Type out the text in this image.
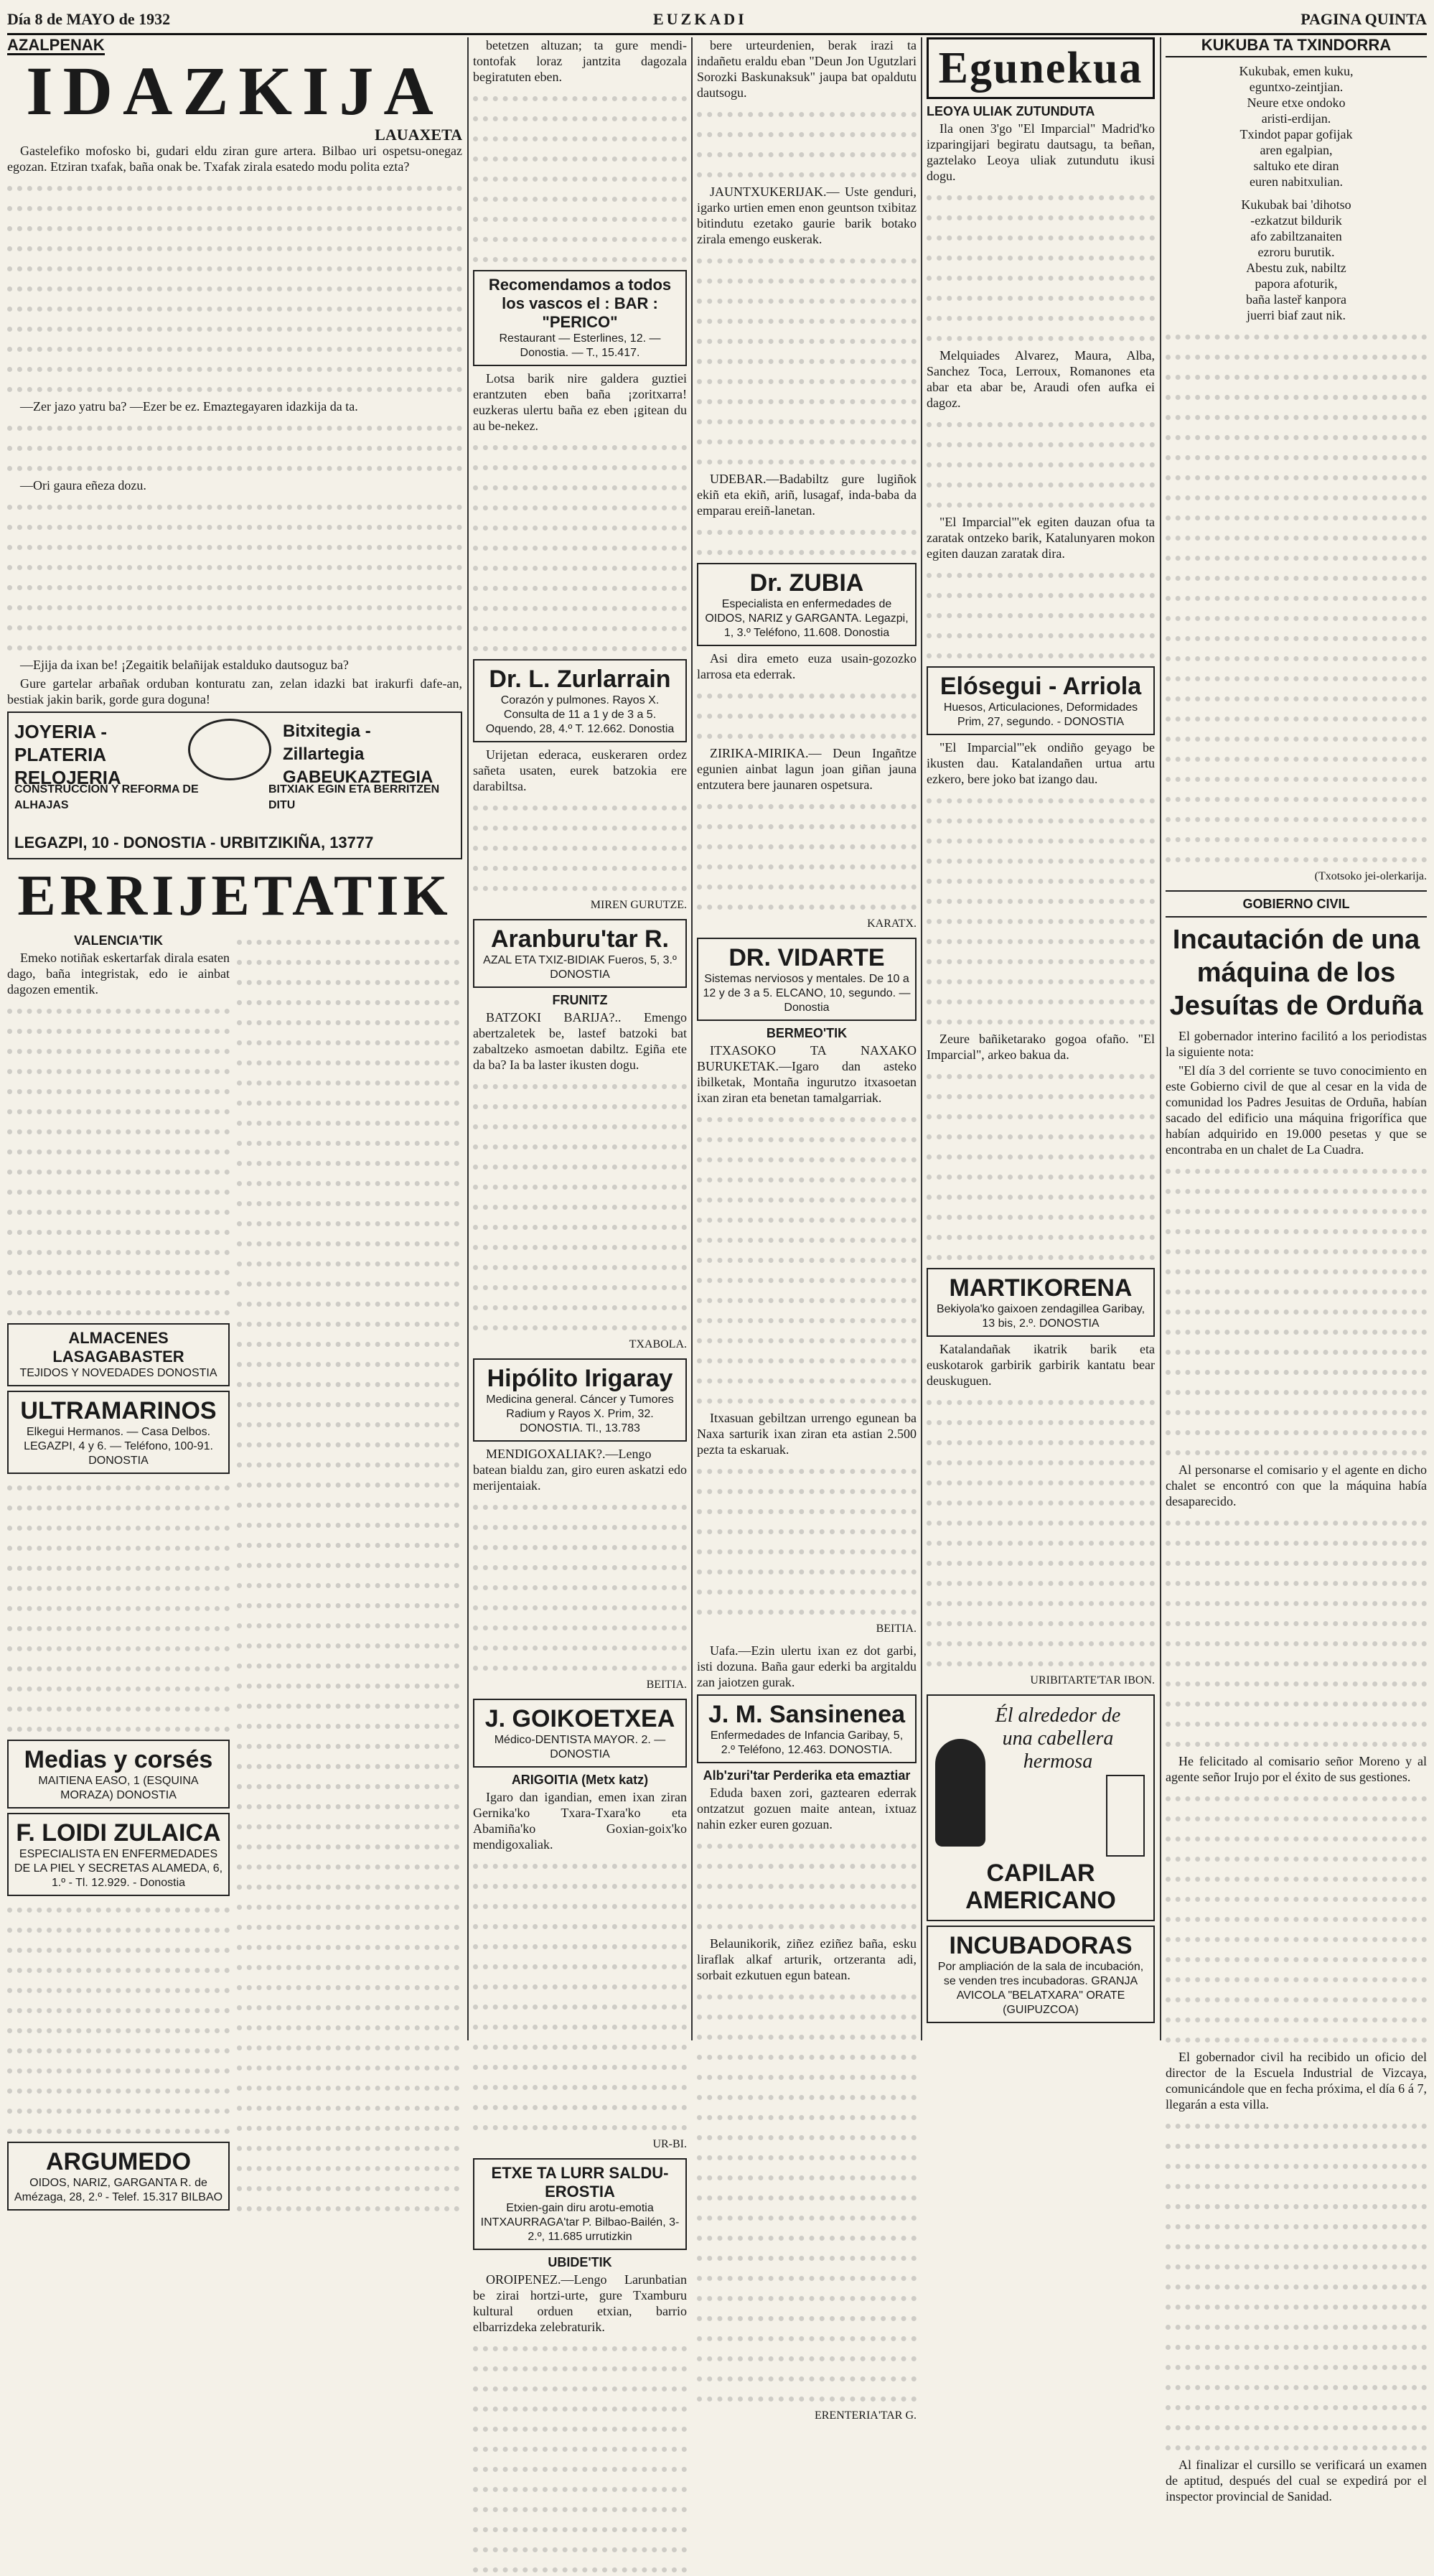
Día 8 de MAYO de 1932	EUZKADI	PAGINA QUINTA
AZALPENAK
IDAZKIJA
LAUAXETA

Gastelefiko mofosko bi, gudari eldu ziran gure artera. Bilbao uri ospetsu-onegaz egozan. Etziran txafak, baña onak be. Txafak zirala esatedo modu polita ezta?

—Zer jazo yatru ba? —Ezer be ez. Emaztegayaren idazkija da ta.

—Ori gaura eñeza dozu.

—Ejija da ixan be! ¡Zegaitik belañijak estalduko dautsoguz ba?

Gure gartelar arbañak orduban konturatu zan, zelan idazki bat irakurfi dafe-an, bestiak jakin barik, gorde gura doguna!

JOYERIA - PLATERIA RELOJERIA
Bitxitegia - Zillartegia GABEUKAZTEGIA
CONSTRUCCION Y REFORMA DE ALHAJAS
BITXIAK EGIN ETA BERRITZEN DITU
LEGAZPI, 10 - DONOSTIA - URBITZIKIÑA, 13777
ERRIJETATIK
VALENCIA'TIK

Emeko notiñak eskertarfak dirala esaten dago, baña integristak, edo ie ainbat dagozen ementik.

ALMACENES LASAGABASTER
TEJIDOS Y NOVEDADES DONOSTIA
ULTRAMARINOS
Elkegui Hermanos. — Casa Delbos. LEGAZPI, 4 y 6. — Teléfono, 100-91. DONOSTIA
Medias y corsés
MAITIENA EASO, 1 (ESQUINA MORAZA) DONOSTIA
F. LOIDI ZULAICA
ESPECIALISTA EN ENFERMEDADES DE LA PIEL Y SECRETAS ALAMEDA, 6, 1.º - Tl. 12.929. - Donostia
ARGUMEDO
OIDOS, NARIZ, GARGANTA R. de Amézaga, 28, 2.º - Telef. 15.317 BILBAO

betetzen altuzan; ta gure mendi-tontofak loraz jantzita dagozala begiratuten eben.

Recomendamos a todos los vascos el : BAR : "PERICO"
Restaurant — Esterlines, 12. — Donostia. — T., 15.417.

Lotsa barik nire galdera guztiei erantzuten eben baña ¡zoritxarra! euzkeras ulertu baña ez eben ¡gitean du au be-nekez.

Dr. L. Zurlarrain
Corazón y pulmones. Rayos X. Consulta de 11 a 1 y de 3 a 5. Oquendo, 28, 4.º T. 12.662. Donostia

Urijetan ederaca, euskeraren ordez sañeta usaten, eurek batzokia ere darabiltsa.

MIREN GURUTZE.
Aranburu'tar R.
AZAL ETA TXIZ-BIDIAK Fueros, 5, 3.º DONOSTIA
FRUNITZ

BATZOKI BARIJA?.. Emengo abertzaletek be, lastef batzoki bat zabaltzeko asmoetan dabiltz. Egiña ete da ba? Ia ba laster ikusten dogu.

TXABOLA.
Hipólito Irigaray
Medicina general. Cáncer y Tumores Radium y Rayos X. Prim, 32. DONOSTIA. Tl., 13.783

MENDIGOXALIAK?.—Lengo batean bialdu zan, giro euren askatzi edo merijentaiak.

BEITIA.
J. GOIKOETXEA
Médico-DENTISTA MAYOR. 2. — DONOSTIA
ARIGOITIA (Metx katz)

Igaro dan igandian, emen ixan ziran Gernika'ko Txara-Txara'ko eta Abamiña'ko Goxian-goix'ko mendigoxaliak.

UR-BI.
ETXE TA LURR SALDU-EROSTIA
Etxien-gain diru arotu-emotia INTXAURRAGA'tar P. Bilbao-Bailén, 3-2.º, 11.685 urrutizkin
UBIDE'TIK

OROIPENEZ.—Lengo Larunbatian be zirai hortzi-urte, gure Txamburu kultural orduen etxian, barrio elbarrizdeka zelebraturik.

bere urteurdenien, berak irazi ta indañetu eraldu eban "Deun Jon Ugutzlari Sorozki Baskunaksuk" jaupa bat opaldutu dautsogu.

JAUNTXUKERIJAK.— Uste genduri, igarko urtien emen enon geuntson txibitaz bitindutu ezetako gaurie barik botako zirala emengo euskerak.

UDEBAR.—Badabiltz gure lugiñok ekiñ eta ekiñ, ariñ, lusagaf, inda-baba da emparau ereiñ-lanetan.

Dr. ZUBIA
Especialista en enfermedades de OIDOS, NARIZ y GARGANTA. Legazpi, 1, 3.º Teléfono, 11.608. Donostia

Asi dira emeto euza usain-gozozko larrosa eta ederrak.

ZIRIKA-MIRIKA.— Deun Ingañtze egunien ainbat lagun joan giñan jauna entzutera bere jaunaren ospetsura.

KARATX.
DR. VIDARTE
Sistemas nerviosos y mentales. De 10 a 12 y de 3 a 5. ELCANO, 10, segundo. — Donostia
BERMEO'TIK

ITXASOKO TA NAXAKO BURUKETAK.—Igaro dan asteko ibilketak, Montaña ingurutzo itxasoetan ixan ziran eta benetan tamalgarriak.

Itxasuan gebiltzan urrengo egunean ba Naxa sarturik ixan ziran eta astian 2.500 pezta ta eskaruak.

BEITIA.

Uafa.—Ezin ulertu ixan ez dot garbi, isti dozuna. Baña gaur ederki ba argitaldu zan jaiotzen gurak.

J. M. Sansinenea
Enfermedades de Infancia Garibay, 5, 2.º Teléfono, 12.463. DONOSTIA.
Alb'zuri'tar Perderika eta emaztiar

Eduda baxen zori, gaztearen ederrak ontzatzut gozuen maite antean, ixtuaz nahin ezker euren gozuan.

Belaunikorik, ziñez eziñez baña, esku liraflak alkaf arturik, ortzeranta adi, sorbait ezkutuen egun batean.

ERENTERIA'TAR G.
Egunekua
LEOYA ULIAK ZUTUNDUTA

Ila onen 3'go "El Imparcial" Madrid'ko izparingijari begiratu dautsagu, ta beñan, gaztelako Leoya uliak zutundutu ikusi dogu.

Melquiades Alvarez, Maura, Alba, Sanchez Toca, Lerroux, Romanones eta abar eta abar be, Araudi ofen aufka ei dagoz.

"El Imparcial"'ek egiten dauzan ofua ta zaratak ontzeko barik, Katalunyaren mokon egiten dauzan zaratak dira.

Elósegui - Arriola
Huesos, Articulaciones, Deformidades Prim, 27, segundo. - DONOSTIA

"El Imparcial"'ek ondiño geyago be ikusten dau. Katalandañen urtua artu ezkero, bere joko bat izango dau.

Zeure bañiketarako gogoa ofaño. "El Imparcial", arkeo bakua da.

MARTIKORENA
Bekiyola'ko gaixoen zendagillea Garibay, 13 bis, 2.º. DONOSTIA

Katalandañak ikatrik barik eta euskotarok garbirik garbirik kantatu bear deuskuguen.

URIBITARTE'TAR IBON.
Él alrededor de una cabellera hermosa
CAPILAR AMERICANO
INCUBADORAS
Por ampliación de la sala de incubación, se venden tres incubadoras. GRANJA AVICOLA "BELATXARA" ORATE (GUIPUZCOA)
KUKUBA TA TXINDORRA
Kukubak, emen kuku,
eguntxo-zeintjian.
Neure etxe ondoko
aristi-erdijan.
Txindot papar gofijak
aren egalpian,
saltuko ete diran
euren nabitxulian.
Kukubak bai 'dihotso
-ezkatzut bildurik
afo zabiltzanaiten
ezroru burutik.
Abestu zuk, nabiltz
papora afoturik,
baña lasteř kanpora
juerri biaf zaut nik.
(Txotsoko jei-olerkarija.
GOBIERNO CIVIL
Incautación de una máquina de los Jesuítas de Orduña

El gobernador interino facilitó a los periodistas la siguiente nota:

"El día 3 del corriente se tuvo conocimiento en este Gobierno civil de que al cesar en la vida de comunidad los Padres Jesuitas de Orduña, habían sacado del edificio una máquina frigorífica que habían adquirido en 19.000 pesetas y que se encontraba en un chalet de La Cuadra.

Al personarse el comisario y el agente en dicho chalet se encontró con que la máquina había desaparecido.

He felicitado al comisario señor Moreno y al agente señor Irujo por el éxito de sus gestiones.

El gobernador civil ha recibido un oficio del director de la Escuela Industrial de Vizcaya, comunicándole que en fecha próxima, el día 6 á 7, llegarán a esta villa.

Al finalizar el cursillo se verificará un examen de aptitud, después del cual se expedirá por el inspector provincial de Sanidad.
